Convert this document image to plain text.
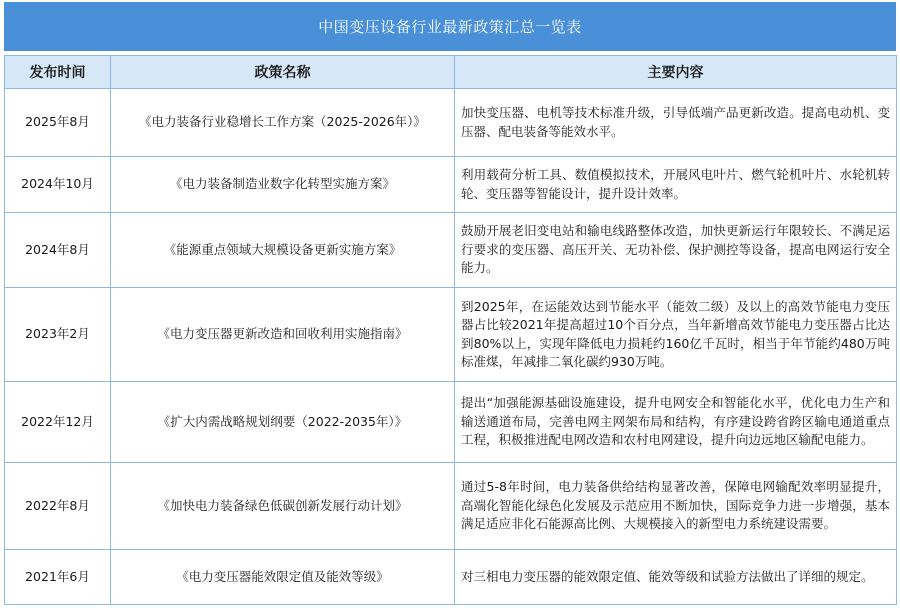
中国变压设备行业最新政策汇总一览表
发布时间	政策名称	主要内容
2025年8月	《电力装备行业稳增长工作方案（2025-2026年）》	加快变压器、电机等技术标准升级，引导低端产品更新改造。提高电动机、变压器、配电装备等能效水平。
2024年10月	《电力装备制造业数字化转型实施方案》	利用载荷分析工具、数值模拟技术，开展风电叶片、燃气轮机叶片、水轮机转轮、变压器等智能设计，提升设计效率。
2024年8月	《能源重点领域大规模设备更新实施方案》	鼓励开展老旧变电站和输电线路整体改造，加快更新运行年限较长、不满足运行要求的变压器、高压开关、无功补偿、保护测控等设备，提高电网运行安全能力。
2023年2月	《电力变压器更新改造和回收利用实施指南》	到2025年，在运能效达到节能水平（能效二级）及以上的高效节能电力变压器占比较2021年提高超过10个百分点，当年新增高效节能电力变压器占比达到80%以上，实现年降低电力损耗约160亿千瓦时，相当于年节能约480万吨标准煤，年减排二氧化碳约930万吨。
2022年12月	《扩大内需战略规划纲要（2022-2035年）》	提出“加强能源基础设施建设，提升电网安全和智能化水平，优化电力生产和输送通道布局，完善电网主网架布局和结构，有序建设跨省跨区输电通道重点工程，积极推进配电网改造和农村电网建设，提升向边远地区输配电能力。
2022年8月	《加快电力装备绿色低碳创新发展行动计划》	通过5-8年时间，电力装备供给结构显著改善，保障电网输配效率明显提升，高端化智能化绿色化发展及示范应用不断加快，国际竞争力进一步增强，基本满足适应非化石能源高比例、大规模接入的新型电力系统建设需要。
2021年6月	《电力变压器能效限定值及能效等级》	对三相电力变压器的能效限定值、能效等级和试验方法做出了详细的规定。
